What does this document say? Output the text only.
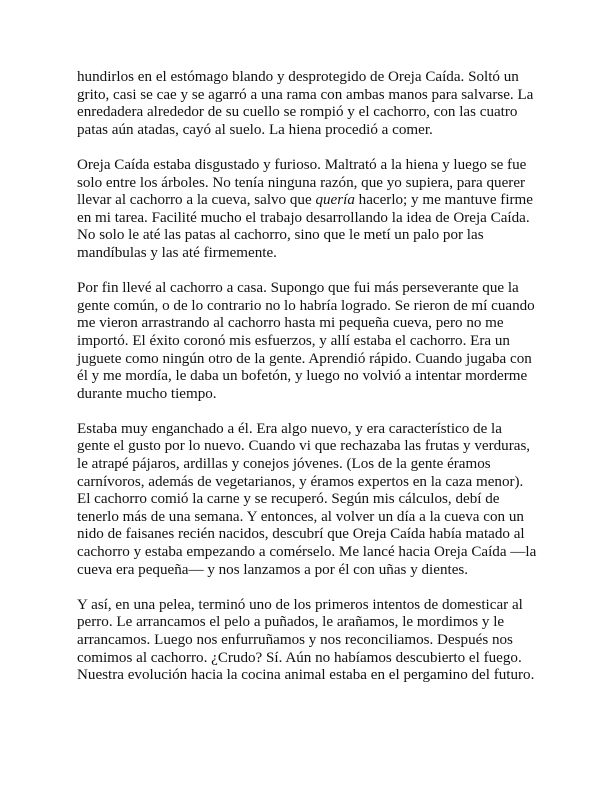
hundirlos en el estómago blando y desprotegido de Oreja Caída. Soltó un
grito, casi se cae y se agarró a una rama con ambas manos para salvarse. La
enredadera alrededor de su cuello se rompió y el cachorro, con las cuatro
patas aún atadas, cayó al suelo. La hiena procedió a comer.

Oreja Caída estaba disgustado y furioso. Maltrató a la hiena y luego se fue
solo entre los árboles. No tenía ninguna razón, que yo supiera, para querer
llevar al cachorro a la cueva, salvo que quería hacerlo; y me mantuve firme
en mi tarea. Facilité mucho el trabajo desarrollando la idea de Oreja Caída.
No solo le até las patas al cachorro, sino que le metí un palo por las
mandíbulas y las até firmemente.

Por fin llevé al cachorro a casa. Supongo que fui más perseverante que la
gente común, o de lo contrario no lo habría logrado. Se rieron de mí cuando
me vieron arrastrando al cachorro hasta mi pequeña cueva, pero no me
importó. El éxito coronó mis esfuerzos, y allí estaba el cachorro. Era un
juguete como ningún otro de la gente. Aprendió rápido. Cuando jugaba con
él y me mordía, le daba un bofetón, y luego no volvió a intentar morderme
durante mucho tiempo.

Estaba muy enganchado a él. Era algo nuevo, y era característico de la
gente el gusto por lo nuevo. Cuando vi que rechazaba las frutas y verduras,
le atrapé pájaros, ardillas y conejos jóvenes. (Los de la gente éramos
carnívoros, además de vegetarianos, y éramos expertos en la caza menor).
El cachorro comió la carne y se recuperó. Según mis cálculos, debí de
tenerlo más de una semana. Y entonces, al volver un día a la cueva con un
nido de faisanes recién nacidos, descubrí que Oreja Caída había matado al
cachorro y estaba empezando a comérselo. Me lancé hacia Oreja Caída —la
cueva era pequeña— y nos lanzamos a por él con uñas y dientes.

Y así, en una pelea, terminó uno de los primeros intentos de domesticar al
perro. Le arrancamos el pelo a puñados, le arañamos, le mordimos y le
arrancamos. Luego nos enfurruñamos y nos reconciliamos. Después nos
comimos al cachorro. ¿Crudo? Sí. Aún no habíamos descubierto el fuego.
Nuestra evolución hacia la cocina animal estaba en el pergamino del futuro.
